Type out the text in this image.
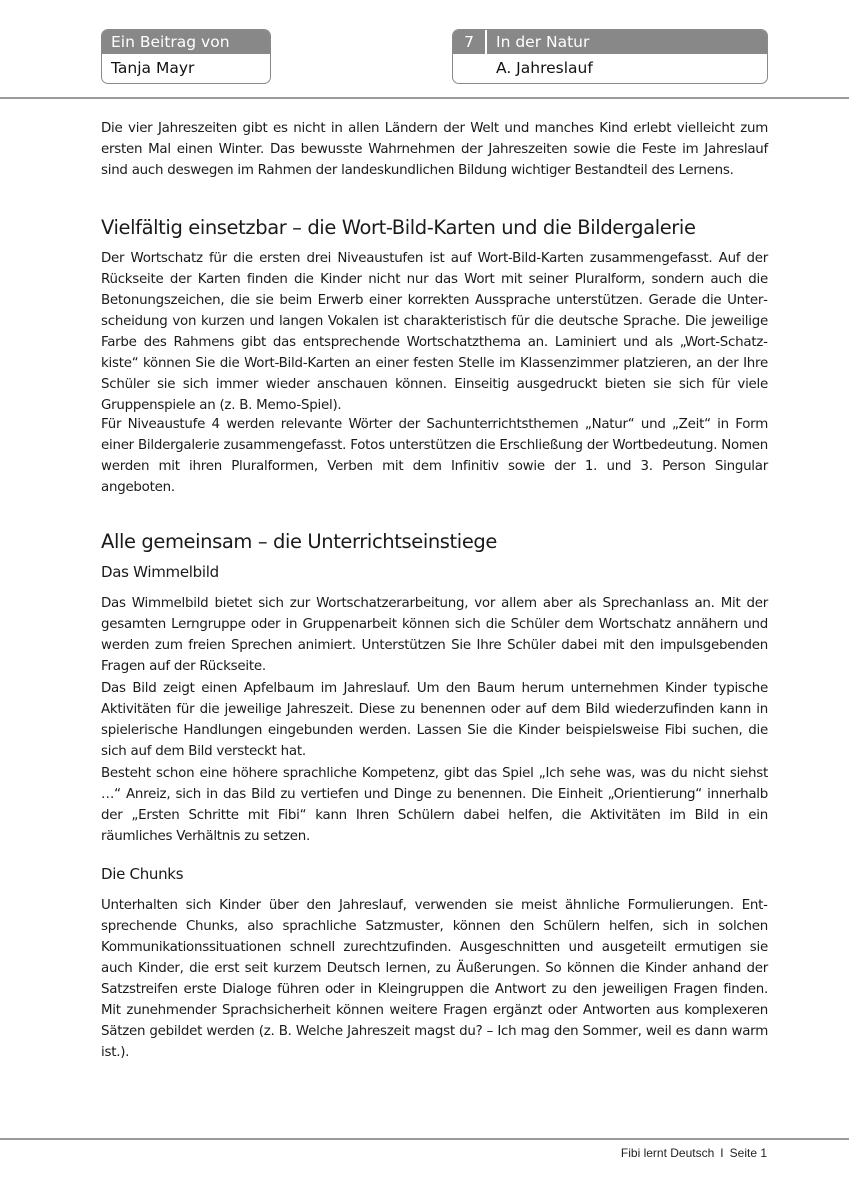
Ein Beitrag von
Tanja Mayr
7	In der Natur
A. Jahreslauf

Die vier Jahreszeiten gibt es nicht in allen Ländern der Welt und manches Kind erlebt vielleicht zum ersten Mal einen Winter. Das bewusste Wahrnehmen der Jahreszeiten sowie die Feste im Jahreslauf sind auch deswegen im Rahmen der landeskundlichen Bildung wichtiger Bestandteil des Lernens.

Vielfältig einsetzbar – die Wort-Bild-Karten und die Bildergalerie

Der Wortschatz für die ersten drei Niveaustufen ist auf Wort-Bild-Karten zusammengefasst. Auf der Rückseite der Karten finden die Kinder nicht nur das Wort mit seiner Pluralform, sondern auch die Betonungszeichen, die sie beim Erwerb einer korrekten Aussprache unterstützen. Gerade die Unterscheidung von kurzen und langen Vokalen ist charakteristisch für die deutsche Sprache. Die jeweilige Farbe des Rahmens gibt das entsprechende Wortschatzthema an. Laminiert und als „Wort-Schatzkiste“ können Sie die Wort-Bild-Karten an einer festen Stelle im Klassenzimmer platzieren, an der Ihre Schüler sie sich immer wieder anschauen können. Einseitig ausgedruckt bieten sie sich für viele Gruppenspiele an (z. B. Memo-Spiel).

Für Niveaustufe 4 werden relevante Wörter der Sachunterrichtsthemen „Natur“ und „Zeit“ in Form einer Bildergalerie zusammengefasst. Fotos unterstützen die Erschließung der Wortbedeutung. Nomen werden mit ihren Pluralformen, Verben mit dem Infinitiv sowie der 1. und 3. Person Singular angeboten.

Alle gemeinsam – die Unterrichtseinstiege
Das Wimmelbild

Das Wimmelbild bietet sich zur Wortschatzerarbeitung, vor allem aber als Sprechanlass an. Mit der gesamten Lerngruppe oder in Gruppenarbeit können sich die Schüler dem Wortschatz annähern und werden zum freien Sprechen animiert. Unterstützen Sie Ihre Schüler dabei mit den impulsgebenden Fragen auf der Rückseite.

Das Bild zeigt einen Apfelbaum im Jahreslauf. Um den Baum herum unternehmen Kinder typische Aktivitäten für die jeweilige Jahreszeit. Diese zu benennen oder auf dem Bild wiederzufinden kann in spielerische Handlungen eingebunden werden. Lassen Sie die Kinder beispielsweise Fibi suchen, die sich auf dem Bild versteckt hat.

Besteht schon eine höhere sprachliche Kompetenz, gibt das Spiel „Ich sehe was, was du nicht siehst …“ Anreiz, sich in das Bild zu vertiefen und Dinge zu benennen. Die Einheit „Orientierung“ innerhalb der „Ersten Schritte mit Fibi“ kann Ihren Schülern dabei helfen, die Aktivitäten im Bild in ein räumliches Verhältnis zu setzen.

Die Chunks

Unterhalten sich Kinder über den Jahreslauf, verwenden sie meist ähnliche Formulierungen. Entsprechende Chunks, also sprachliche Satzmuster, können den Schülern helfen, sich in solchen Kommunikationssituationen schnell zurechtzufinden. Ausgeschnitten und ausgeteilt ermutigen sie auch Kinder, die erst seit kurzem Deutsch lernen, zu Äußerungen. So können die Kinder anhand der Satzstreifen erste Dialoge führen oder in Kleingruppen die Antwort zu den jeweiligen Fragen finden. Mit zunehmender Sprachsicherheit können weitere Fragen ergänzt oder Antworten aus komplexeren Sätzen gebildet werden (z. B. Welche Jahreszeit magst du? – Ich mag den Sommer, weil es dann warm ist.).

Fibi lernt Deutsch I Seite 1
